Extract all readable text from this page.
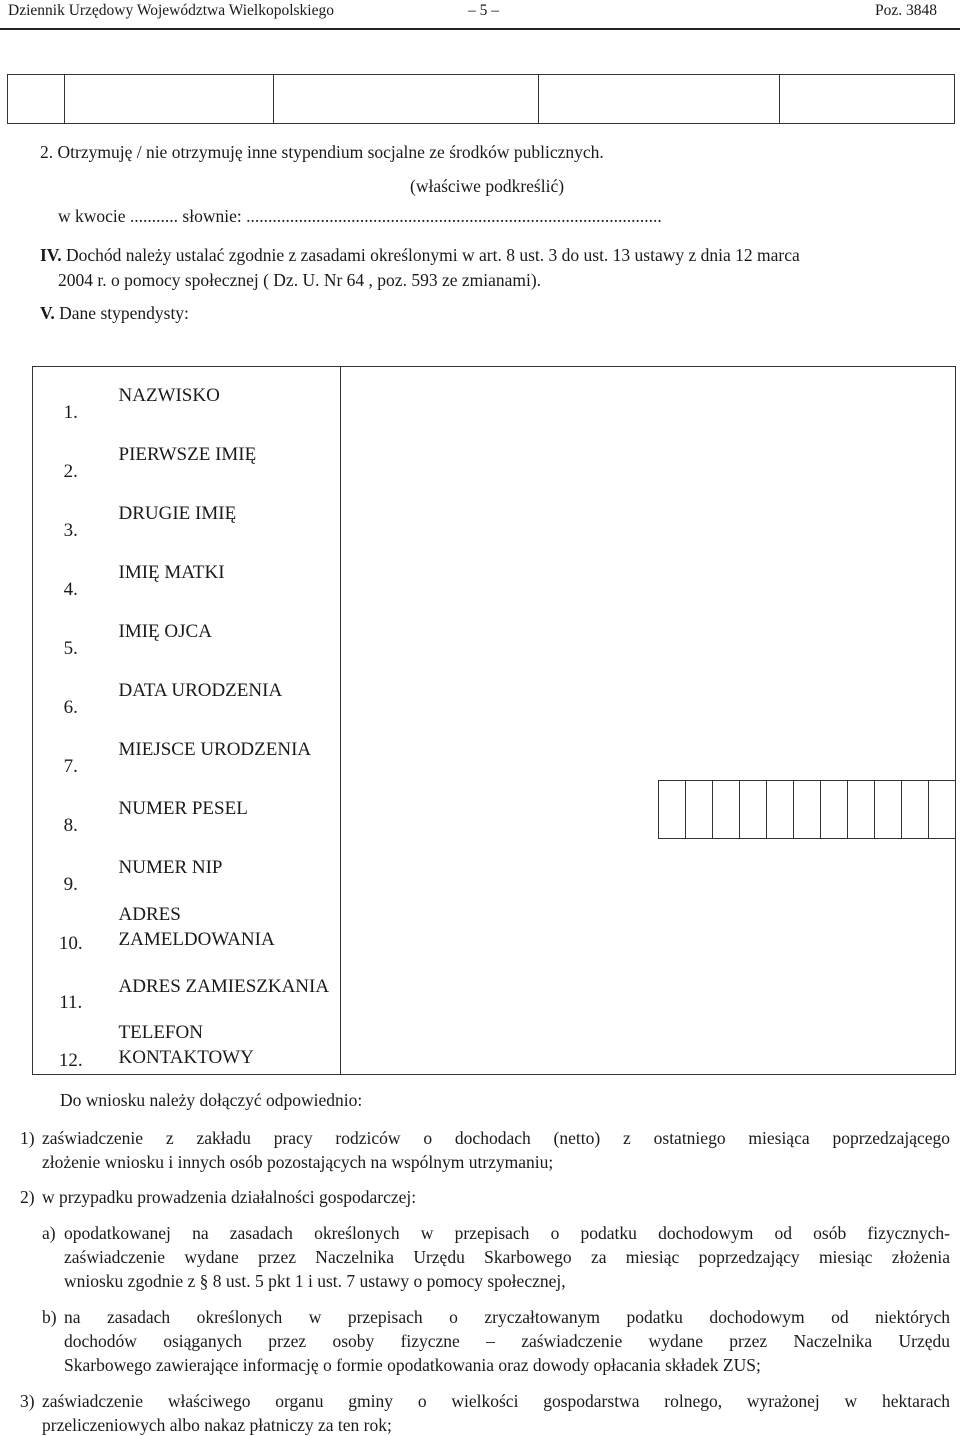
Dziennik Urzędowy Województwa Wielkopolskiego	– 5 –	Poz. 3848

2. Otrzymuję / nie otrzymuję inne stypendium socjalne ze środków publicznych.

(właściwe podkreślić)

w kwocie ........... słownie: ...............................................................................................

IV. Dochód należy ustalać zgodnie z zasadami określonymi w art. 8 ust. 3 do ust. 13 ustawy z dnia 12 marca

2004 r. o pomocy społecznej ( Dz. U. Nr 64 , poz. 593 ze zmianami).

V. Dane stypendysty:

1.	NAZWISKO	
2.	PIERWSZE IMIĘ	
3.	DRUGIE IMIĘ	
4.	IMIĘ MATKI	
5.	IMIĘ OJCA	
6.	DATA URODZENIA	
7.	MIEJSCE URODZENIA	
8.	NUMER PESEL	

9.	NUMER NIP	
10.	ADRES ZAMELDOWANIA	
11.	ADRES ZAMIESZKANIA	
12.	TELEFON KONTAKTOWY	

Do wniosku należy dołączyć odpowiednio:

1) zaświadczenie z zakładu pracy rodziców o dochodach (netto) z ostatniego miesiąca poprzedzającego

złożenie wniosku i innych osób pozostających na wspólnym utrzymaniu;

2) w przypadku prowadzenia działalności gospodarczej:

a) opodatkowanej na zasadach określonych w przepisach o podatku dochodowym od osób fizycznych-

zaświadczenie wydane przez Naczelnika Urzędu Skarbowego za miesiąc poprzedzający miesiąc złożenia

wniosku zgodnie z § 8 ust. 5 pkt 1 i ust. 7 ustawy o pomocy społecznej,

b) na zasadach określonych w przepisach o zryczałtowanym podatku dochodowym od niektórych

dochodów osiąganych przez osoby fizyczne – zaświadczenie wydane przez Naczelnika Urzędu

Skarbowego zawierające informację o formie opodatkowania oraz dowody opłacania składek ZUS;

3) zaświadczenie właściwego organu gminy o wielkości gospodarstwa rolnego, wyrażonej w hektarach

przeliczeniowych albo nakaz płatniczy za ten rok;
